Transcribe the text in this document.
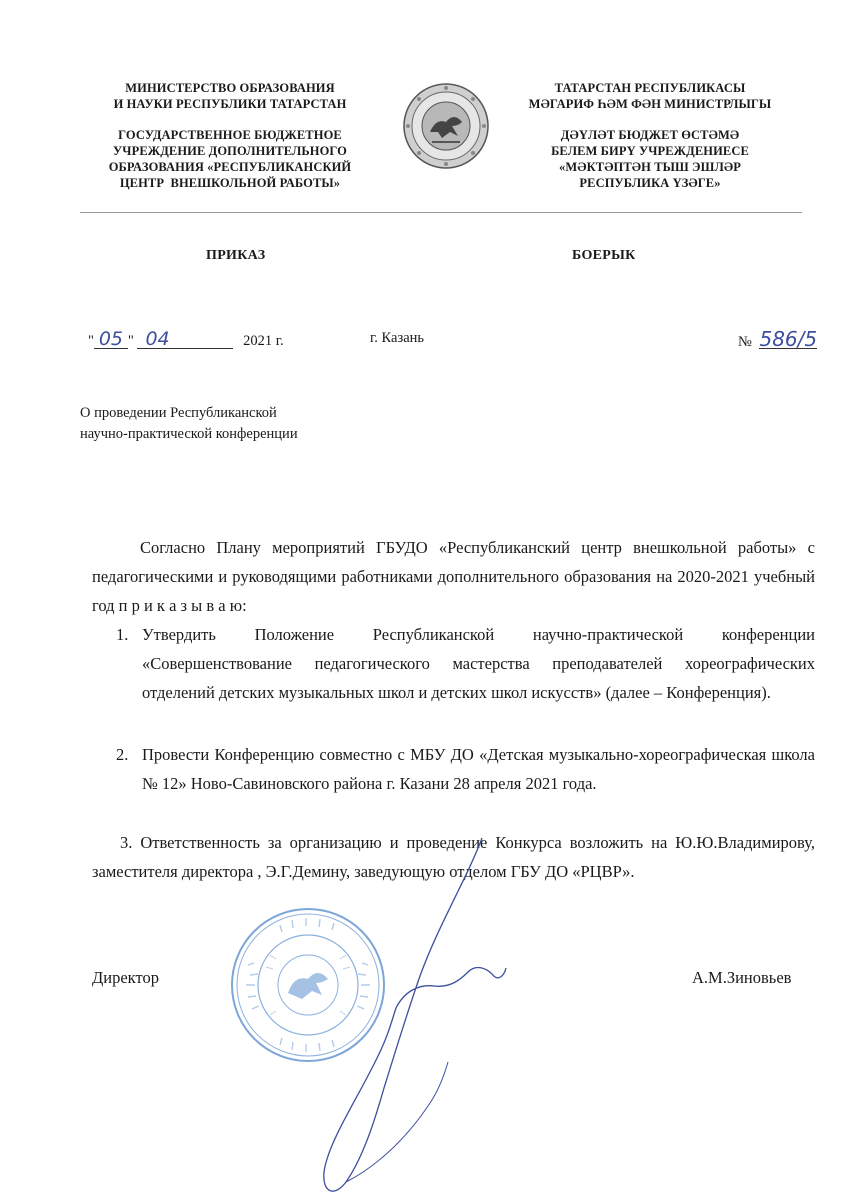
МИНИСТЕРСТВО ОБРАЗОВАНИЯ
И НАУКИ РЕСПУБЛИКИ ТАТАРСТАН
ГОСУДАРСТВЕННОЕ БЮДЖЕТНОЕ
УЧРЕЖДЕНИЕ ДОПОЛНИТЕЛЬНОГО
ОБРАЗОВАНИЯ «РЕСПУБЛИКАНСКИЙ
ЦЕНТР  ВНЕШКОЛЬНОЙ РАБОТЫ»
ТАТАРСТАН РЕСПУБЛИКАСЫ
МӘГАРИФ ҺӘМ ФӘН МИНИСТРЛЫГЫ
ДӘҮЛӘТ БЮДЖЕТ ӨСТӘМӘ
БЕЛЕМ БИРҮ УЧРЕЖДЕНИЕСЕ
«МӘКТӘПТӘН ТЫШ ЭШЛӘР
РЕСПУБЛИКА ҮЗӘГЕ»
ПРИКАЗ	БОЕРЫК
" 05 " 04	2021 г.	г. Казань	№ 586/5
О проведении Республиканской
научно-практической конференции
Согласно Плану мероприятий ГБУДО «Республиканский центр внешкольной работы» с педагогическими и руководящими работниками дополнительного образования на 2020-2021 учебный год п р и к а з ы в а ю:
1. Утвердить Положение Республиканской научно-практической конференции «Совершенствование педагогического мастерства преподавателей хореографических отделений детских музыкальных школ и детских школ искусств» (далее – Конференция).
2. Провести Конференцию совместно с МБУ ДО «Детская музыкально-хореографическая школа № 12» Ново-Савиновского района г. Казани 28 апреля 2021 года.
3. Ответственность за организацию и проведение Конкурса возложить на Ю.Ю.Владимирову, заместителя директора , Э.Г.Демину, заведующую отделом ГБУ ДО «РЦВР».
Директор	А.М.Зиновьев
